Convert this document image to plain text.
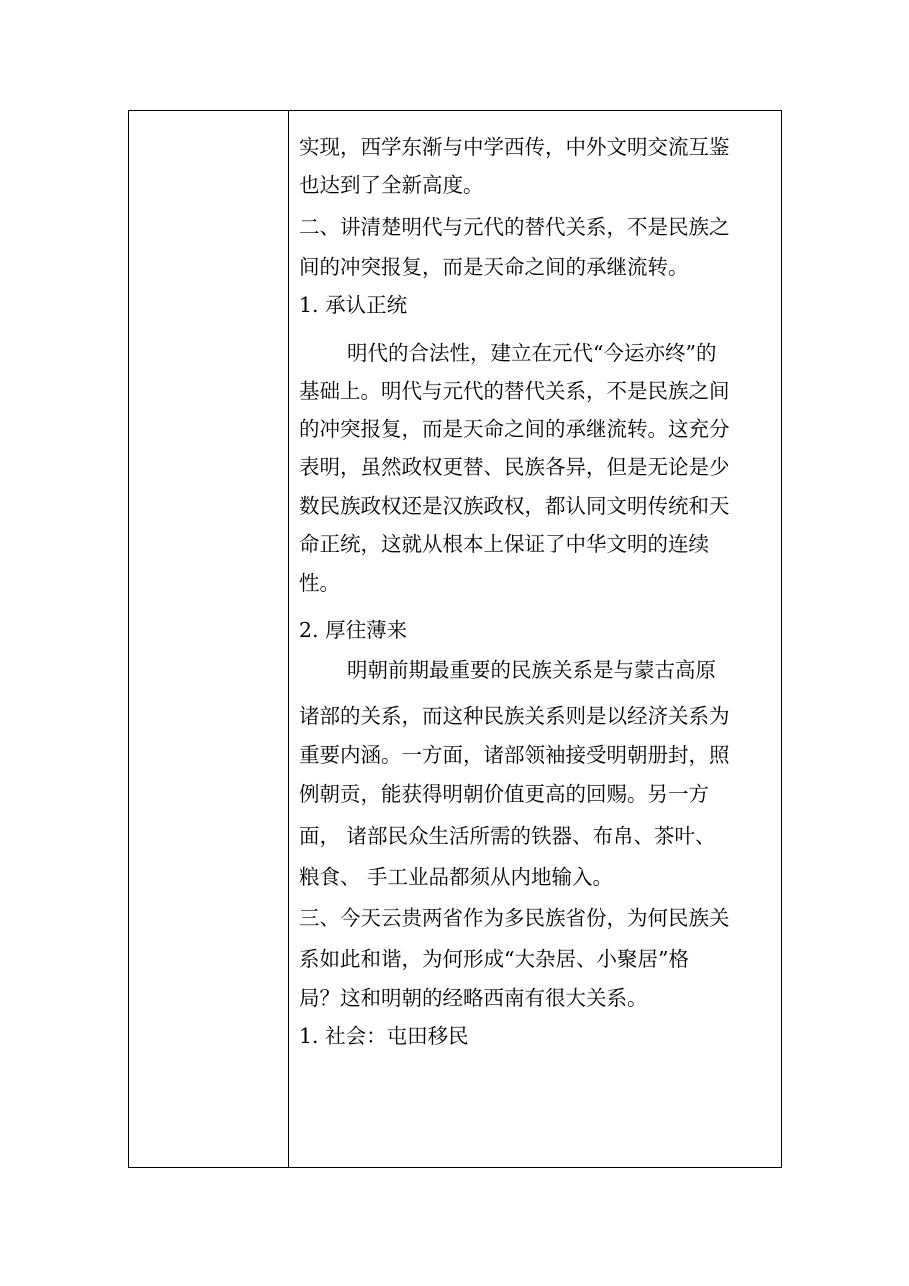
实现，西学东渐与中学西传，中外文明交流互鉴
也达到了全新高度。
二、讲清楚明代与元代的替代关系，不是民族之
间的冲突报复，而是天命之间的承继流转。
1. 承认正统
明代的合法性，建立在元代“今运亦终”的
基础上。明代与元代的替代关系，不是民族之间
的冲突报复，而是天命之间的承继流转。这充分
表明，虽然政权更替、民族各异，但是无论是少
数民族政权还是汉族政权，都认同文明传统和天
命正统，这就从根本上保证了中华文明的连续
性。
2. 厚往薄来
明朝前期最重要的民族关系是与蒙古高原
诸部的关系，而这种民族关系则是以经济关系为
重要内涵。一方面，诸部领袖接受明朝册封，照
例朝贡，能获得明朝价值更高的回赐。另一方
面， 诸部民众生活所需的铁器、布帛、茶叶、
粮食、 手工业品都须从内地输入。
三、今天云贵两省作为多民族省份，为何民族关
系如此和谐，为何形成“大杂居、小聚居”格
局？这和明朝的经略西南有很大关系。
1. 社会：屯田移民
